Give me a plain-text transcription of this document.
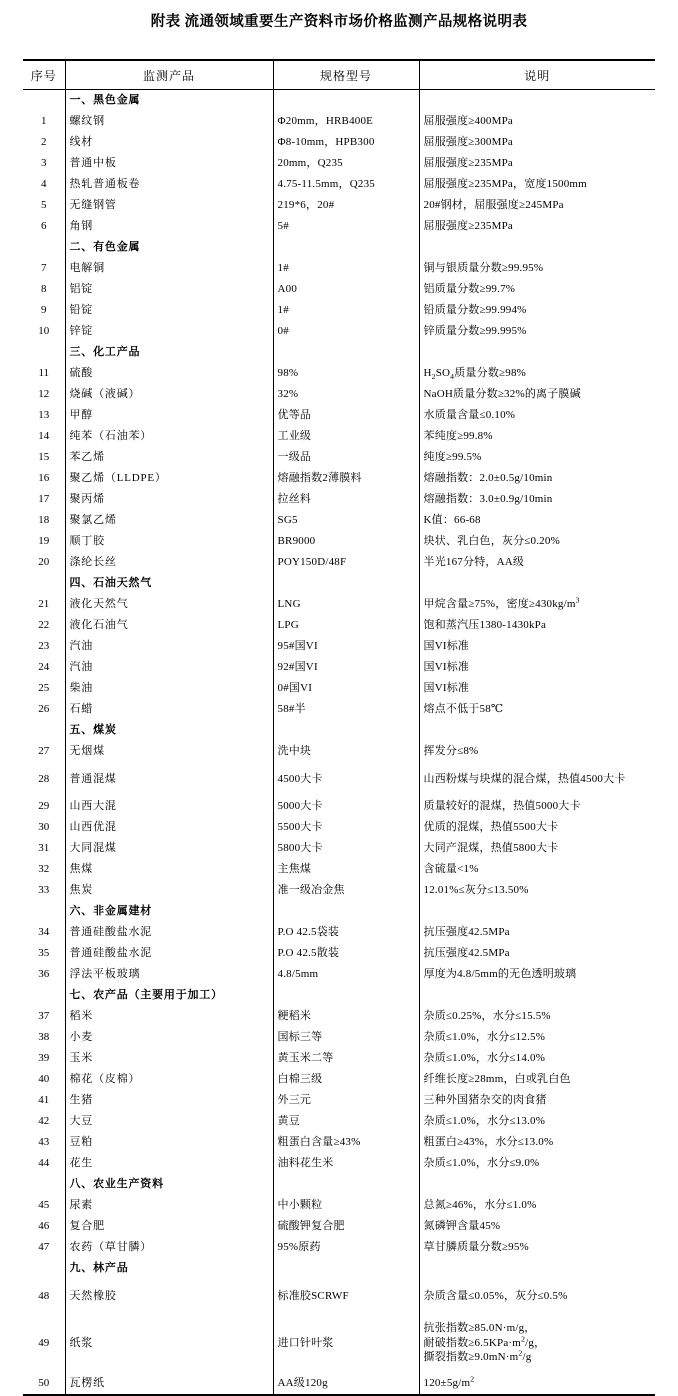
附表 流通领域重要生产资料市场价格监测产品规格说明表
序号	监测产品	规格型号	说明
	一、黑色金属		
1	螺纹钢	Φ20mm，HRB400E	屈服强度≥400MPa
2	线材	Φ8-10mm，HPB300	屈服强度≥300MPa
3	普通中板	20mm，Q235	屈服强度≥235MPa
4	热轧普通板卷	4.75-11.5mm，Q235	屈服强度≥235MPa，宽度1500mm
5	无缝钢管	219*6，20#	20#钢材，屈服强度≥245MPa
6	角钢	5#	屈服强度≥235MPa
	二、有色金属		
7	电解铜	1#	铜与银质量分数≥99.95%
8	铝锭	A00	铝质量分数≥99.7%
9	铅锭	1#	铅质量分数≥99.994%
10	锌锭	0#	锌质量分数≥99.995%
	三、化工产品		
11	硫酸	98%	$H_2SO_4$质量分数≥98%
12	烧碱（液碱）	32%	NaOH质量分数≥32%的离子膜碱
13	甲醇	优等品	水质量含量≤0.10%
14	纯苯（石油苯）	工业级	苯纯度≥99.8%
15	苯乙烯	一级品	纯度≥99.5%
16	聚乙烯（LLDPE）	熔融指数2薄膜料	熔融指数：2.0±0.5g/10min
17	聚丙烯	拉丝料	熔融指数：3.0±0.9g/10min
18	聚氯乙烯	SG5	K值：66-68
19	顺丁胶	BR9000	块状、乳白色，灰分≤0.20%
20	涤纶长丝	POY150D/48F	半光167分特，AA级
	四、石油天然气		
21	液化天然气	LNG	甲烷含量≥75%，密度$\ge 430kg/m^3$
22	液化石油气	LPG	饱和蒸汽压1380-1430kPa
23	汽油	95#国VI	国VI标准
24	汽油	92#国VI	国VI标准
25	柴油	0#国VI	国VI标准
26	石蜡	58#半	熔点不低于58℃
	五、煤炭		
27	无烟煤	洗中块	挥发分≤8%
28	普通混煤	4500大卡	山西粉煤与块煤的混合煤，热值4500大卡
29	山西大混	5000大卡	质量较好的混煤，热值5000大卡
30	山西优混	5500大卡	优质的混煤，热值5500大卡
31	大同混煤	5800大卡	大同产混煤，热值5800大卡
32	焦煤	主焦煤	含硫量<1%
33	焦炭	准一级冶金焦	12.01%≤灰分≤13.50%
	六、非金属建材		
34	普通硅酸盐水泥	P.O 42.5袋装	抗压强度42.5MPa
35	普通硅酸盐水泥	P.O 42.5散装	抗压强度42.5MPa
36	浮法平板玻璃	4.8/5mm	厚度为4.8/5mm的无色透明玻璃
	七、农产品（主要用于加工）		
37	稻米	粳稻米	杂质≤0.25%，水分≤15.5%
38	小麦	国标三等	杂质≤1.0%，水分≤12.5%
39	玉米	黄玉米二等	杂质≤1.0%，水分≤14.0%
40	棉花（皮棉）	白棉三级	纤维长度≥28mm，白或乳白色
41	生猪	外三元	三种外国猪杂交的肉食猪
42	大豆	黄豆	杂质≤1.0%，水分≤13.0%
43	豆粕	粗蛋白含量≥43%	粗蛋白≥43%，水分≤13.0%
44	花生	油料花生米	杂质≤1.0%，水分≤9.0%
	八、农业生产资料		
45	尿素	中小颗粒	总氮≥46%，水分≤1.0%
46	复合肥	硫酸钾复合肥	氮磷钾含量45%
47	农药（草甘膦）	95%原药	草甘膦质量分数≥95%
	九、林产品		
48	天然橡胶	标准胶SCRWF	杂质含量≤0.05%，灰分≤0.5%
49	纸浆	进口针叶浆	抗张指数≥85.0N·m/g，
耐破指数$\ge 6.5KPa\cdot m^2/g$，
撕裂指数$\ge 9.0mN\cdot m^2/g$
50	瓦楞纸	AA级120g	$120\pm 5g/m^2$
